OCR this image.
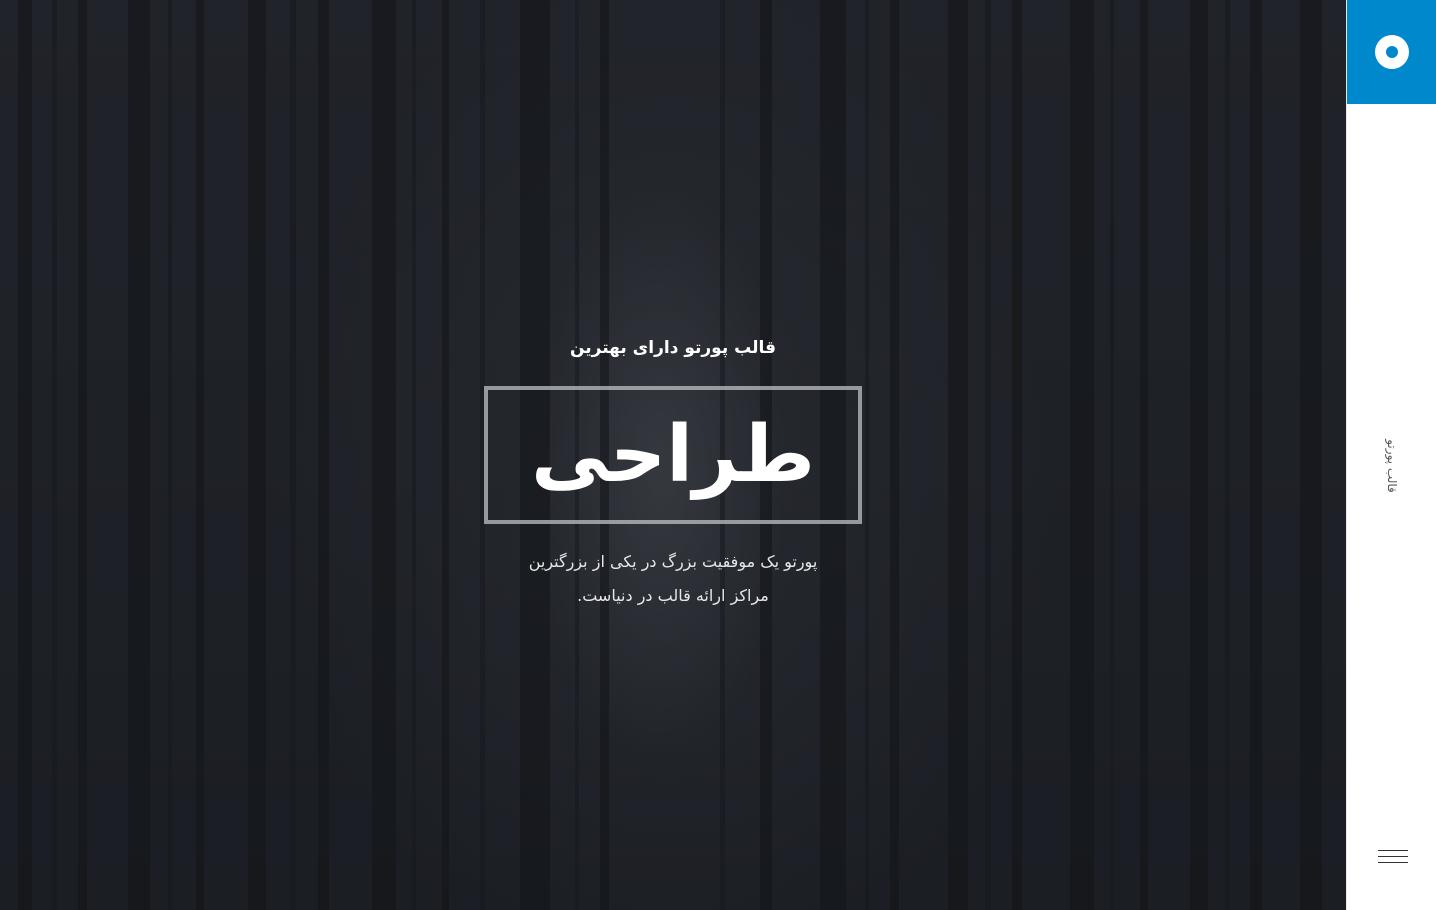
قالب پورتو دارای بهترین
طراحی
پورتو یک موفقیت بزرگ در یکی از بزرگترین
مراکز ارائه قالب در دنیاست.
قالب پورتو
